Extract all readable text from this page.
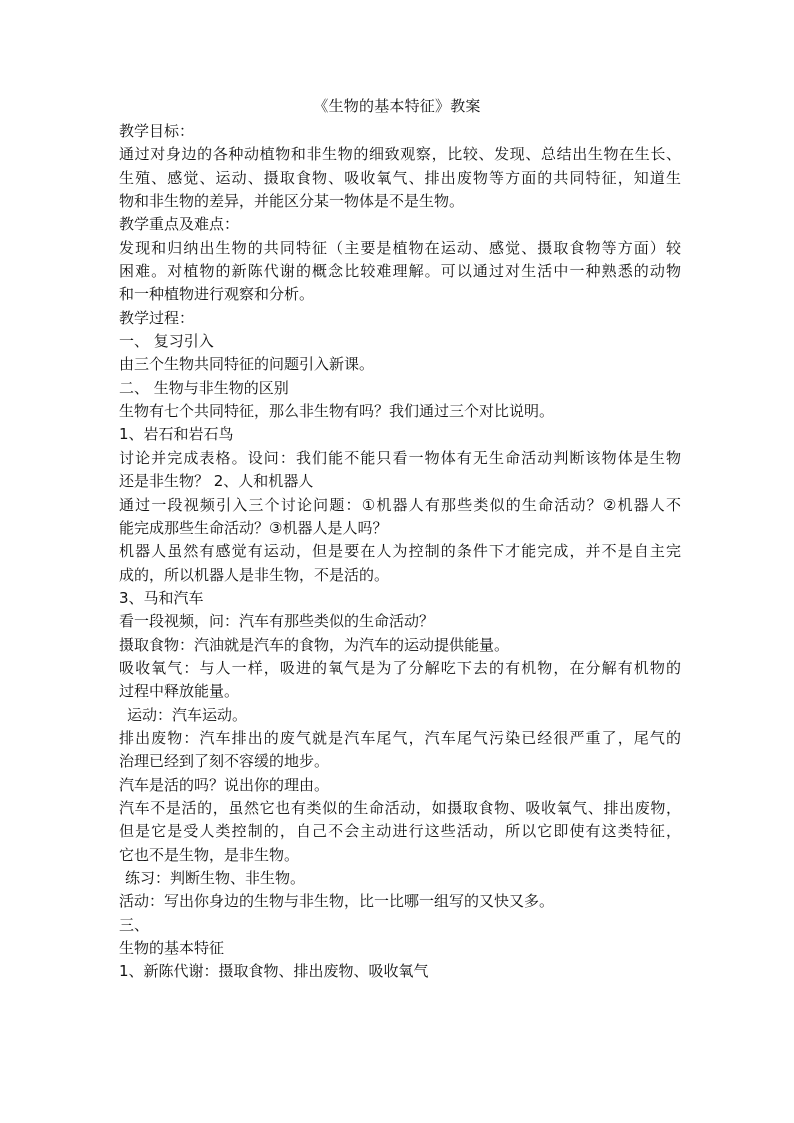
《生物的基本特征》教案
教学目标：
通过对身边的各种动植物和非生物的细致观察，比较、发现、总结出生物在生长、
生殖、感觉、运动、摄取食物、吸收氧气、排出废物等方面的共同特征，知道生
物和非生物的差异，并能区分某一物体是不是生物。
教学重点及难点：
发现和归纳出生物的共同特征（主要是植物在运动、感觉、摄取食物等方面）较
困难。对植物的新陈代谢的概念比较难理解。可以通过对生活中一种熟悉的动物
和一种植物进行观察和分析。
教学过程：
一、 复习引入
由三个生物共同特征的问题引入新课。
二、 生物与非生物的区别
生物有七个共同特征，那么非生物有吗？我们通过三个对比说明。
1、岩石和岩石鸟
讨论并完成表格。设问：我们能不能只看一物体有无生命活动判断该物体是生物
还是非生物？ 2、人和机器人
通过一段视频引入三个讨论问题：①机器人有那些类似的生命活动？②机器人不
能完成那些生命活动？③机器人是人吗？
机器人虽然有感觉有运动，但是要在人为控制的条件下才能完成，并不是自主完
成的，所以机器人是非生物，不是活的。
3、马和汽车
看一段视频，问：汽车有那些类似的生命活动？
摄取食物：汽油就是汽车的食物，为汽车的运动提供能量。
吸收氧气：与人一样，吸进的氧气是为了分解吃下去的有机物，在分解有机物的
过程中释放能量。
运动：汽车运动。
排出废物：汽车排出的废气就是汽车尾气，汽车尾气污染已经很严重了，尾气的
治理已经到了刻不容缓的地步。
汽车是活的吗？说出你的理由。
汽车不是活的，虽然它也有类似的生命活动，如摄取食物、吸收氧气、排出废物，
但是它是受人类控制的，自己不会主动进行这些活动，所以它即使有这类特征，
它也不是生物，是非生物。
练习：判断生物、非生物。
活动：写出你身边的生物与非生物，比一比哪一组写的又快又多。
三、
生物的基本特征
1、新陈代谢：摄取食物、排出废物、吸收氧气
